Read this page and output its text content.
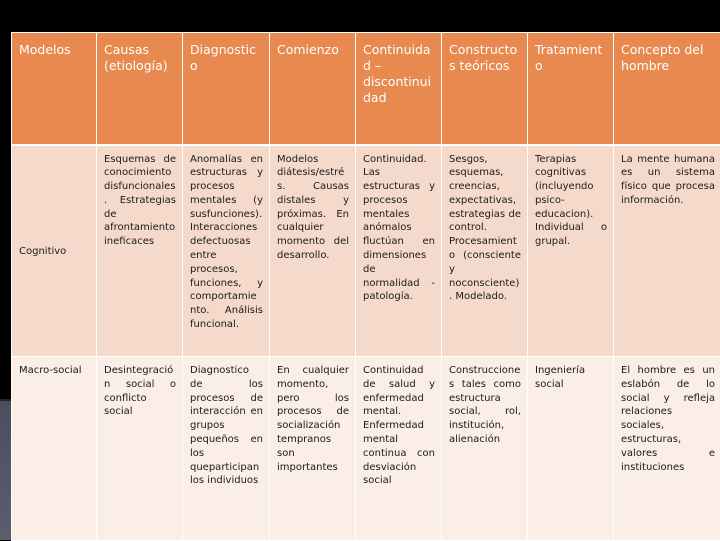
Modelos	Causas (etiología)	Diagnostico	Comienzo	Continuida d – discontinui dad	Constructos teóricos	Tratamient o	Concepto del hombre
Cognitivo	Esquemas de conocimiento disfuncionales. Estrategias de afrontamiento ineficaces	Anomalías en estructuras y procesos mentales (y susfunciones). Interacciones defectuosas entre procesos, funciones, y comportamie nto. Análisis funcional.	Modelos diátesis/estrés. Causas distales y próximas. En cualquier momento del desarrollo.	Continuidad. Las estructuras y procesos mentales anómalos fluctúan en dimensiones de normalidad -patología.	Sesgos, esquemas, creencias, expectativas, estrategias de control. Procesamient o (consciente y noconsciente). Modelado.	Terapias cognitivas (incluyendo psico-educacion). Individual o grupal.	La mente humana es un sistema físico que procesa información.
Macro-social	Desintegració n social o conflicto social	Diagnostico de los procesos de interacción en grupos pequeños en los queparticipan los individuos	En cualquier momento, pero los procesos de socialización tempranos son importantes	Continuidad de salud y enfermedad mental. Enfermedad mental continua con desviación social	Construccione s tales como estructura social, rol, institución, alienación	Ingeniería social	El hombre es un eslabón de lo social y refleja relaciones sociales, estructuras, valores e instituciones
